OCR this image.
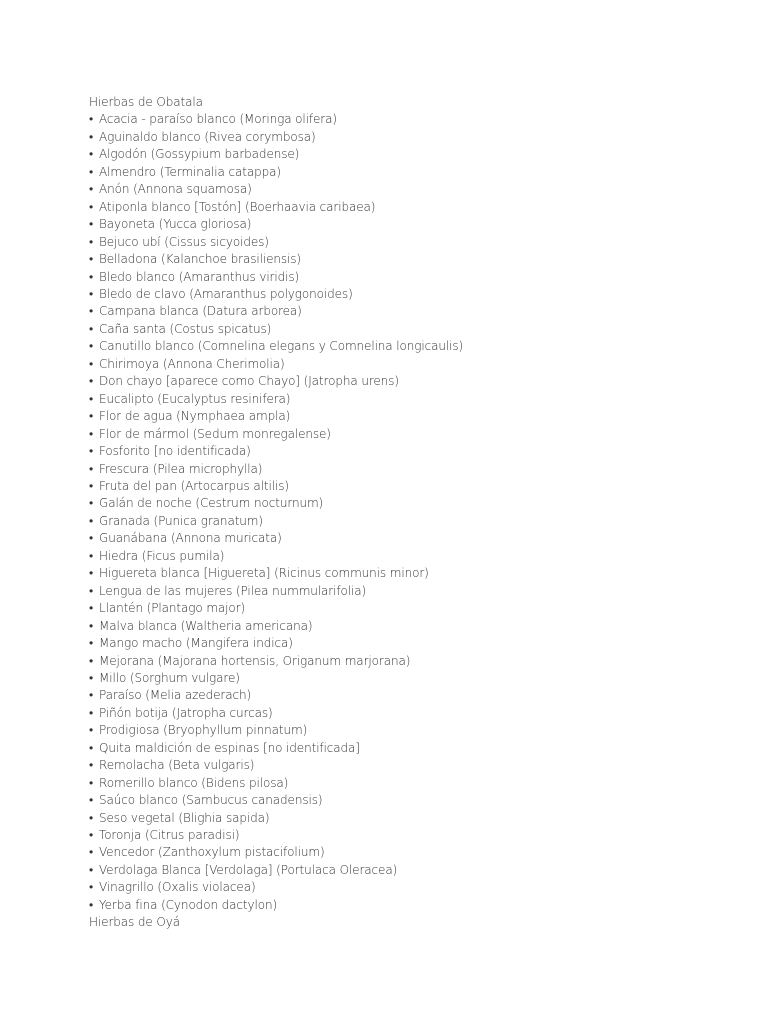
Hierbas de Obatala

• Acacia - paraíso blanco (Moringa olifera)
• Aguinaldo blanco (Rivea corymbosa)
• Algodón (Gossypium barbadense)
• Almendro (Terminalia catappa)
• Anón (Annona squamosa)
• Atiponla blanco [Tostón] (Boerhaavia caribaea)
• Bayoneta (Yucca gloriosa)
• Bejuco ubí (Cissus sicyoides)
• Belladona (Kalanchoe brasiliensis)
• Bledo blanco (Amaranthus viridis)
• Bledo de clavo (Amaranthus polygonoides)
• Campana blanca (Datura arborea)
• Caña santa (Costus spicatus)
• Canutillo blanco (Comnelina elegans y Comnelina longicaulis)
• Chirimoya (Annona Cherimolia)
• Don chayo [aparece como Chayo] (Jatropha urens)
• Eucalipto (Eucalyptus resinifera)
• Flor de agua (Nymphaea ampla)
• Flor de mármol (Sedum monregalense)
• Fosforito [no identificada)
• Frescura (Pilea microphylla)
• Fruta del pan (Artocarpus altilis)
• Galán de noche (Cestrum nocturnum)
• Granada (Punica granatum)
• Guanábana (Annona muricata)
• Hiedra (Ficus pumila)
• Higuereta blanca [Higuereta] (Ricinus communis minor)
• Lengua de las mujeres (Pilea nummularifolia)
• Llantén (Plantago major)
• Malva blanca (Waltheria americana)
• Mango macho (Mangifera indica)
• Mejorana (Majorana hortensis, Origanum marjorana)
• Millo (Sorghum vulgare)
• Paraíso (Melia azederach)
• Piñón botija (Jatropha curcas)
• Prodigiosa (Bryophyllum pinnatum)
• Quita maldición de espinas [no identificada]
• Remolacha (Beta vulgaris)
• Romerillo blanco (Bidens pilosa)
• Saúco blanco (Sambucus canadensis)
• Seso vegetal (Blighia sapida)
• Toronja (Citrus paradisi)
• Vencedor (Zanthoxylum pistacifolium)
• Verdolaga Blanca [Verdolaga] (Portulaca Oleracea)
• Vinagrillo (Oxalis violacea)
• Yerba fina (Cynodon dactylon)

Hierbas de Oyá
